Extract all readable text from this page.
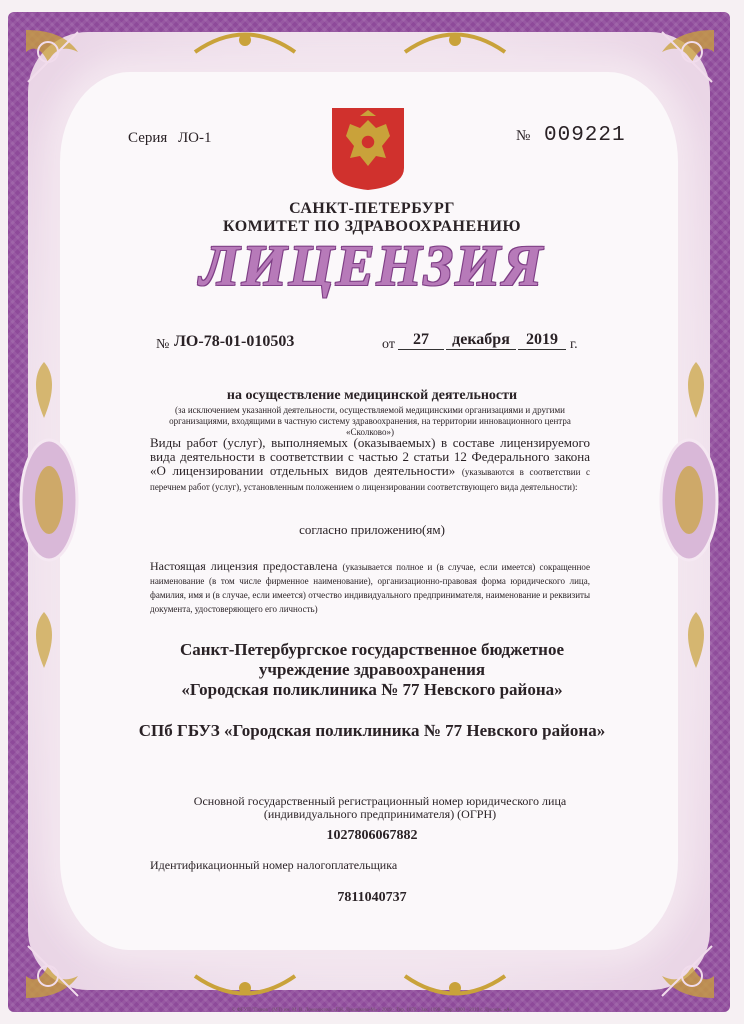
Серия ЛО-1	№ 009221
САНКТ-ПЕТЕРБУРГ
КОМИТЕТ ПО ЗДРАВООХРАНЕНИЮ
ЛИЦЕНЗИЯ
№ ЛО-78-01-010503	от	27	декабря	2019 г.
на осуществление медицинской деятельности
(за исключением указанной деятельности, осуществляемой медицинскими организациями и другими организациями, входящими в частную систему здравоохранения, на территории инновационного центра «Сколково»)
Виды работ (услуг), выполняемых (оказываемых) в составе лицензируемого вида деятельности в соответствии с частью 2 статьи 12 Федерального закона «О лицензировании отдельных видов деятельности» (указываются в соответствии с перечнем работ (услуг), установленным положением о лицензировании соответствующего вида деятельности):
согласно приложению(ям)
Настоящая лицензия предоставлена (указывается полное и (в случае, если имеется) сокращенное наименование (в том числе фирменное наименование), организационно-правовая форма юридического лица, фамилия, имя и (в случае, если имеется) отчество индивидуального предпринимателя, наименование и реквизиты документа, удостоверяющего его личность)
Санкт-Петербургское государственное бюджетное
учреждение здравоохранения
«Городская поликлиника № 77 Невского района»
СПб ГБУЗ «Городская поликлиника № 77 Невского района»
Основной государственный регистрационный номер юридического лица (индивидуального предпринимателя) (ОГРН)
1027806067882
Идентификационный номер налогоплательщика
7811040737
© ФГУП "Гознак" (МТ) им. М. В. Ломоносова. «Г.Н. Лукошкова-М» · 2019 · Тир. 1070 · Зак. 1098 · Тир. 1000 · 2019 г. Лукошк. «А»
